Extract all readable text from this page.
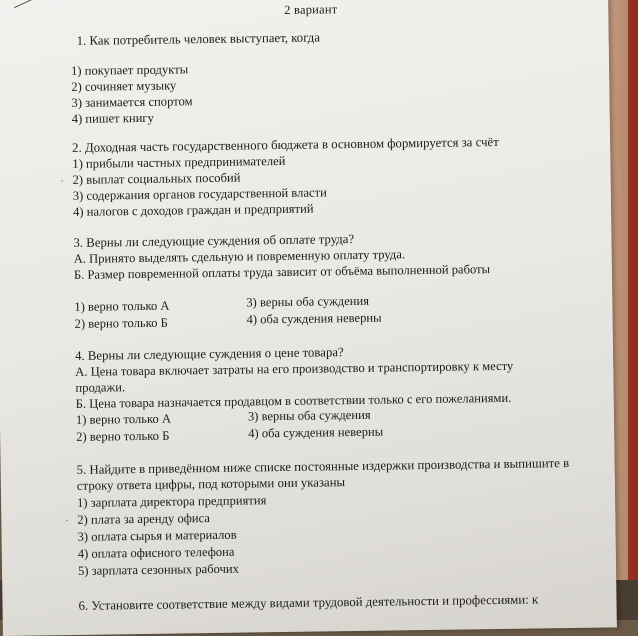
2 вариант
1. Как потребитель человек выступает, когда
1) покупает продукты
2) сочиняет музыку
3) занимается спортом
4) пишет книгу
2. Доходная часть государственного бюджета в основном формируется за счёт
1) прибыли частных предпринимателей
· 2) выплат социальных пособий
3) содержания органов государственной власти
4) налогов с доходов граждан и предприятий
3. Верны ли следующие суждения об оплате труда?
А. Принято выделять сдельную и повременную оплату труда.
Б. Размер повременной оплаты труда зависит от объёма выполненной работы
1) верно только А
2) верно только Б
3) верны оба суждения
4) оба суждения неверны
4. Верны ли следующие суждения о цене товара?
А. Цена товара включает затраты на его производство и транспортировку к месту
продажи.
Б. Цена товара назначается продавцом в соответствии только с его пожеланиями.
1) верно только А
2) верно только Б
3) верны оба суждения
4) оба суждения неверны
5. Найдите в приведённом ниже списке постоянные издержки производства и выпишите в
строку ответа цифры, под которыми они указаны
1) зарплата директора предприятия
· 2) плата за аренду офиса
3) оплата сырья и материалов
4) оплата офисного телефона
5) зарплата сезонных рабочих
6. Установите соответствие между видами трудовой деятельности и профессиями: к
